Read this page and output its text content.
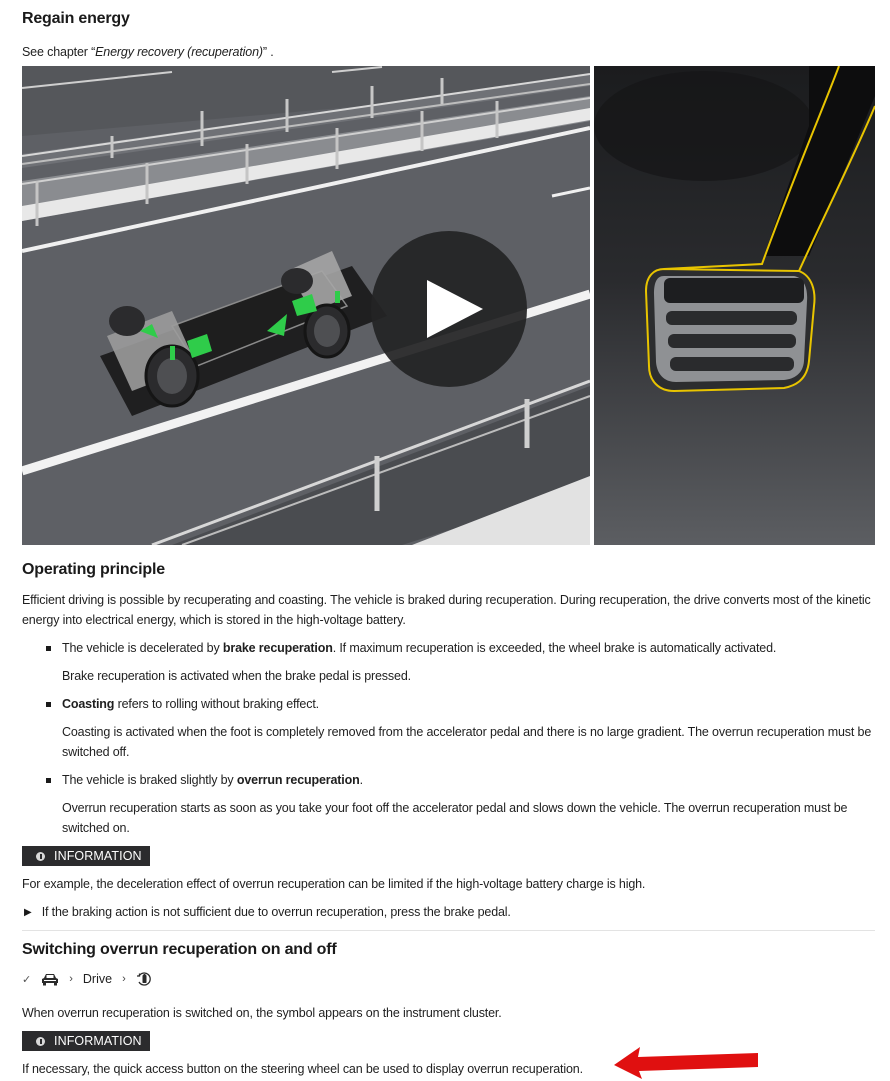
Regain energy

See chapter “Energy recovery (recuperation)” .

Operating principle

Efficient driving is possible by recuperating and coasting. The vehicle is braked during recuperation. During recuperation, the drive converts most of the kinetic energy into electrical energy, which is stored in the high-voltage battery.

The vehicle is decelerated by brake recuperation. If maximum recuperation is exceeded, the wheel brake is automatically activated.

Brake recuperation is activated when the brake pedal is pressed.

Coasting refers to rolling without braking effect.

Coasting is activated when the foot is completely removed from the accelerator pedal and there is no large gradient. The overrun recuperation must be switched off.

The vehicle is braked slightly by overrun recuperation.

Overrun recuperation starts as soon as you take your foot off the accelerator pedal and slows down the vehicle. The overrun recuperation must be switched on.

INFORMATION

For example, the deceleration effect of overrun recuperation can be limited if the high-voltage battery charge is high.

▶ If the braking action is not sufficient due to overrun recuperation, press the brake pedal.

Switching overrun recuperation on and off
✓	› Drive ›

When overrun recuperation is switched on, the symbol appears on the instrument cluster.

INFORMATION

If necessary, the quick access button on the steering wheel can be used to display overrun recuperation.
